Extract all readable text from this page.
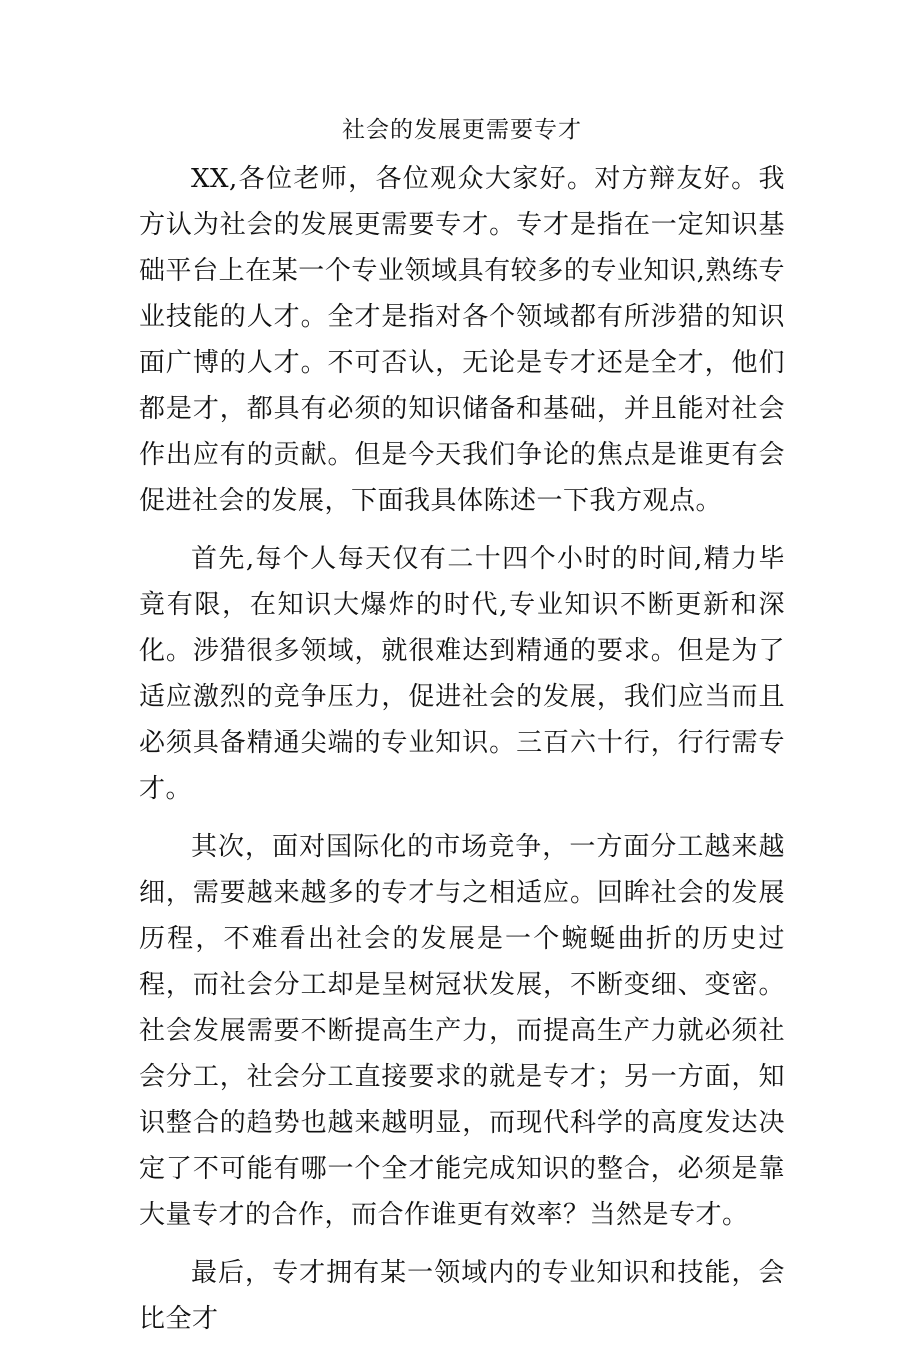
社会的发展更需要专才

XX,各位老师，各位观众大家好。对方辩友好。我方认为社会的发展更需要专才。专才是指在一定知识基础平台上在某一个专业领域具有较多的专业知识,熟练专业技能的人才。全才是指对各个领域都有所涉猎的知识面广博的人才。不可否认，无论是专才还是全才，他们都是才，都具有必须的知识储备和基础，并且能对社会作出应有的贡献。但是今天我们争论的焦点是谁更有会促进社会的发展，下面我具体陈述一下我方观点。

首先,每个人每天仅有二十四个小时的时间,精力毕竟有限，在知识大爆炸的时代,专业知识不断更新和深化。涉猎很多领域，就很难达到精通的要求。但是为了适应激烈的竞争压力，促进社会的发展，我们应当而且必须具备精通尖端的专业知识。三百六十行，行行需专才。

其次，面对国际化的市场竞争，一方面分工越来越细，需要越来越多的专才与之相适应。回眸社会的发展历程，不难看出社会的发展是一个蜿蜒曲折的历史过程，而社会分工却是呈树冠状发展，不断变细、变密。社会发展需要不断提高生产力，而提高生产力就必须社会分工，社会分工直接要求的就是专才；另一方面，知识整合的趋势也越来越明显，而现代科学的高度发达决定了不可能有哪一个全才能完成知识的整合，必须是靠大量专才的合作，而合作谁更有效率？当然是专才。

最后，专才拥有某一领域内的专业知识和技能，会比全才
